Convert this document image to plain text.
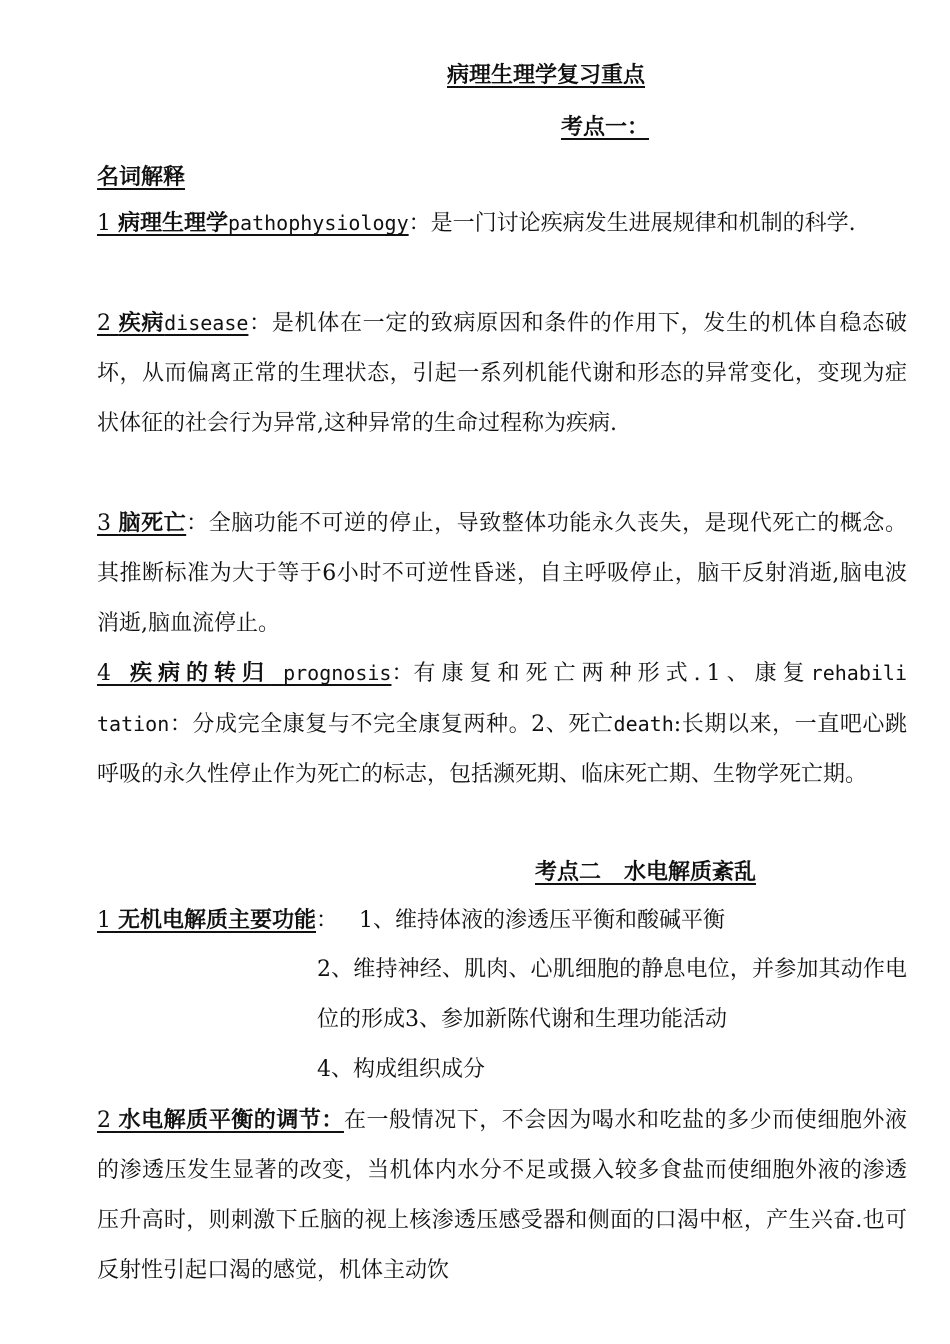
病理生理学复习重点
考点一：
名词解释
1 病理生理学pathophysiology：是一门讨论疾病发生进展规律和机制的科学.
2 疾病disease：是机体在一定的致病原因和条件的作用下，发生的机体自稳态破坏，从而偏离正常的生理状态，引起一系列机能代谢和形态的异常变化，变现为症状体征的社会行为异常,这种异常的生命过程称为疾病.
3 脑死亡：全脑功能不可逆的停止，导致整体功能永久丧失，是现代死亡的概念。其推断标准为大于等于6小时不可逆性昏迷，自主呼吸停止，脑干反射消逝,脑电波消逝,脑血流停止。
4 疾病的转归 prognosis：有康复和死亡两种形式.1、康复rehabilitation：分成完全康复与不完全康复两种。2、死亡death:长期以来，一直吧心跳呼吸的永久性停止作为死亡的标志，包括濒死期、临床死亡期、生物学死亡期。
考点二   水电解质紊乱
1 无机电解质主要功能： 1、维持体液的渗透压平衡和酸碱平衡
2、维持神经、肌肉、心肌细胞的静息电位，并参加其动作电位的形成3、参加新陈代谢和生理功能活动
4、构成组织成分
2 水电解质平衡的调节：在一般情况下，不会因为喝水和吃盐的多少而使细胞外液的渗透压发生显著的改变，当机体内水分不足或摄入较多食盐而使细胞外液的渗透压升高时，则刺激下丘脑的视上核渗透压感受器和侧面的口渴中枢，产生兴奋.也可反射性引起口渴的感觉，机体主动饮
